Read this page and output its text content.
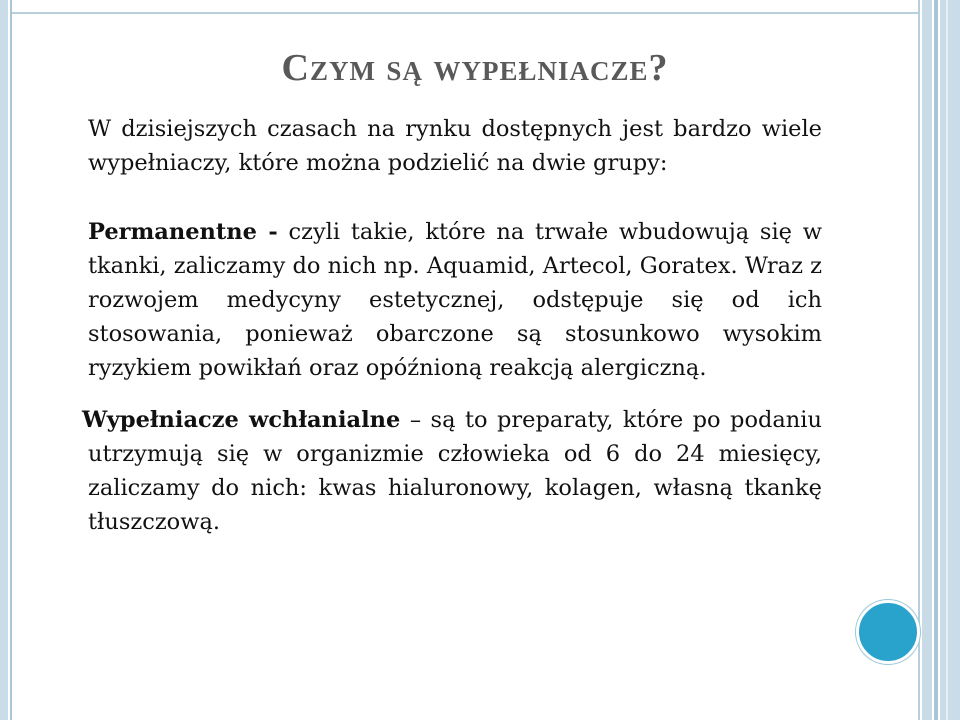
Czym są wypełniacze?

W dzisiejszych czasach na rynku dostępnych jest bardzo wiele wypełniaczy, które można podzielić na dwie grupy:

Permanentne - czyli takie, które na trwałe wbudowują się w tkanki, zaliczamy do nich np. Aquamid, Artecol, Goratex. Wraz z rozwojem medycyny estetycznej, odstępuje się od ich stosowania, ponieważ obarczone są stosunkowo wysokim ryzykiem powikłań oraz opóźnioną reakcją alergiczną.

Wypełniacze wchłanialne – są to preparaty, które po podaniu utrzymują się w organizmie człowieka od 6 do 24 miesięcy, zaliczamy do nich: kwas hialuronowy, kolagen, własną tkankę tłuszczową.
